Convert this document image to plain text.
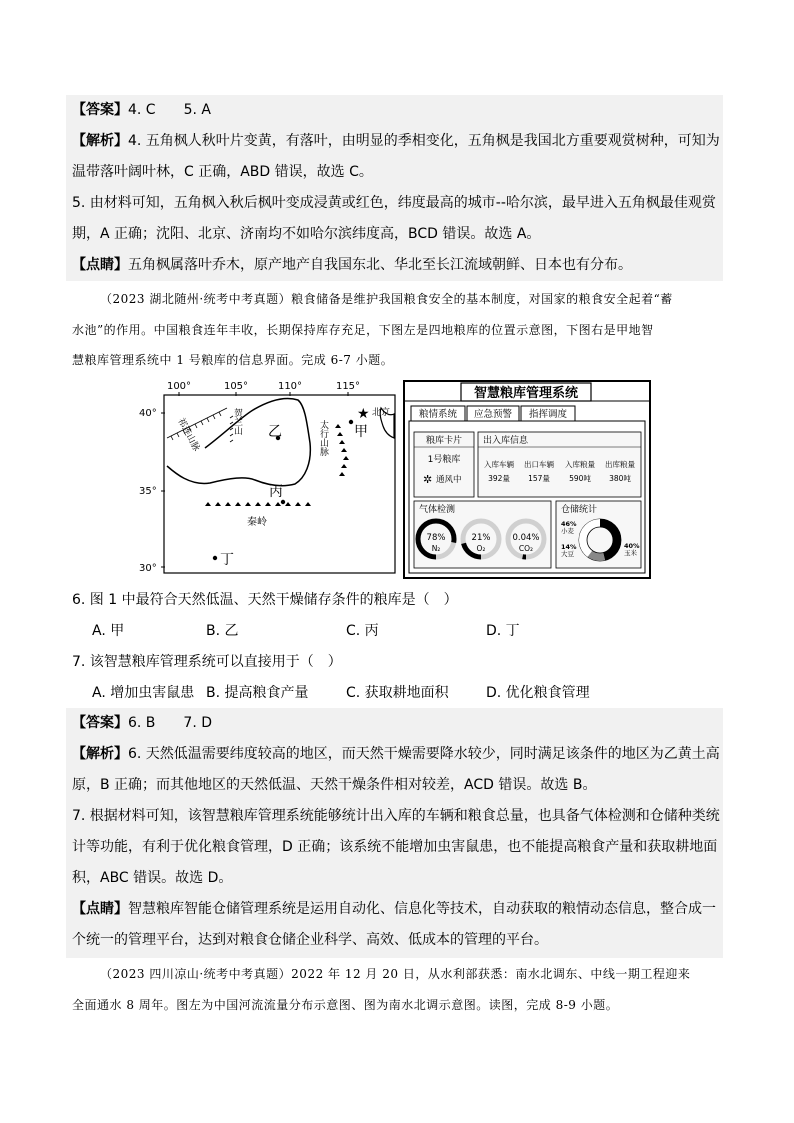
【答案】4. C　　5. A
【解析】4. 五角枫人秋叶片变黄，有落叶，由明显的季相变化，五角枫是我国北方重要观赏树种，可知为
温带落叶阔叶林，C 正确，ABD 错误，故选 C。
5. 由材料可知，五角枫入秋后枫叶变成浸黄或红色，纬度最高的城市--哈尔滨，最早进入五角枫最佳观赏
期，A 正确；沈阳、北京、济南均不如哈尔滨纬度高，BCD 错误。故选 A。
【点睛】五角枫属落叶乔木，原产地产自我国东北、华北至长江流域朝鲜、日本也有分布。
（2023 湖北随州·统考中考真题）粮食储备是维护我国粮食安全的基本制度，对国家的粮食安全起着“蓄
水池”的作用。中国粮食连年丰收，长期保持库存充足，下图左是四地粮库的位置示意图，下图右是甲地智
慧粮库管理系统中 1 号粮库的信息界面。完成 6-7 小题。
100°	105°	110°	115°
40°
35°
30°
祁连山脉	贺兰山	太行山脉
秦岭
★ 北京
甲
乙
丙
丁
智慧粮库管理系统
粮情系统 应急预警 指挥调度
粮库卡片
1号粮库
✲ 通风中
出入库信息
入库车辆
392量
出口车辆
157量
入库粮量
590吨
出库粮量
380吨
气体检测
78%
N₂
21%
O₂
0.04%
CO₂
仓储统计
46%
小麦
14%
大豆
40%
玉米
6. 图 1 中最符合天然低温、天然干燥储存条件的粮库是（　）
A. 甲	B. 乙	C. 丙	D. 丁
7. 该智慧粮库管理系统可以直接用于（　）
A. 增加虫害鼠患 B. 提高粮食产量	C. 获取耕地面积	D. 优化粮食管理
【答案】6. B　　7. D
【解析】6. 天然低温需要纬度较高的地区，而天然干燥需要降水较少，同时满足该条件的地区为乙黄土高
原，B 正确；而其他地区的天然低温、天然干燥条件相对较差，ACD 错误。故选 B。
7. 根据材料可知，该智慧粮库管理系统能够统计出入库的车辆和粮食总量，也具备气体检测和仓储种类统
计等功能，有利于优化粮食管理，D 正确；该系统不能增加虫害鼠患，也不能提高粮食产量和获取耕地面
积，ABC 错误。故选 D。
【点睛】智慧粮库智能仓储管理系统是运用自动化、信息化等技术，自动获取的粮情动态信息，整合成一
个统一的管理平台，达到对粮食仓储企业科学、高效、低成本的管理的平台。
（2023 四川凉山·统考中考真题）2022 年 12 月 20 日，从水利部获悉：南水北调东、中线一期工程迎来
全面通水 8 周年。图左为中国河流流量分布示意图、图为南水北调示意图。读图，完成 8-9 小题。
